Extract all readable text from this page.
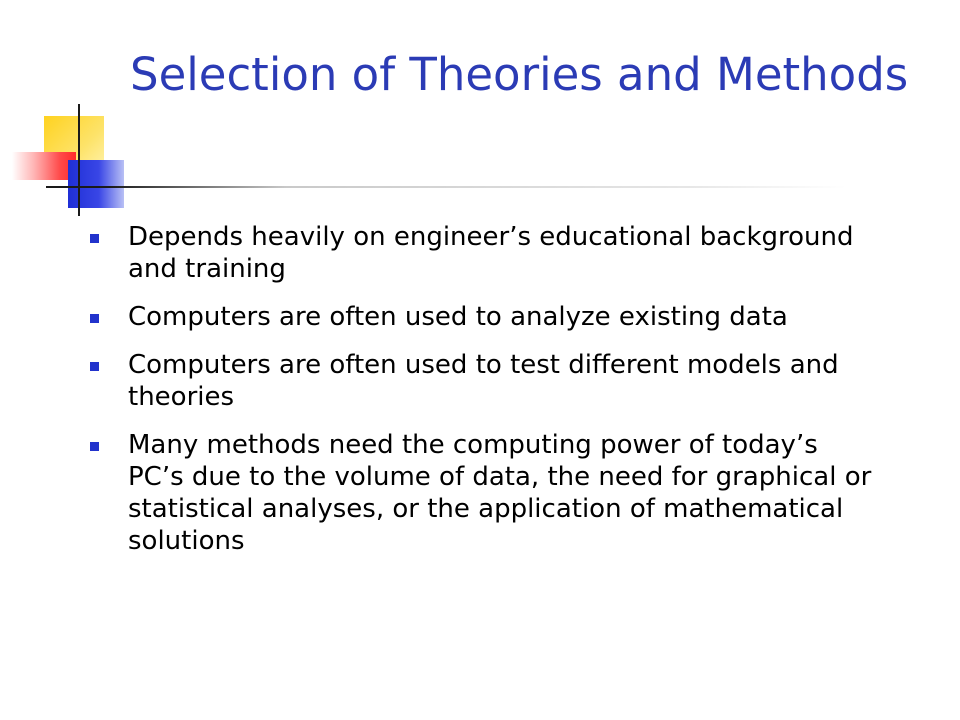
Selection of Theories and Methods
Depends heavily on engineer’s educational background and training
Computers are often used to analyze existing data
Computers are often used to test different models and theories
Many methods need the computing power of today’s PC’s due to the volume of data, the need for graphical or statistical analyses, or the application of mathematical solutions
